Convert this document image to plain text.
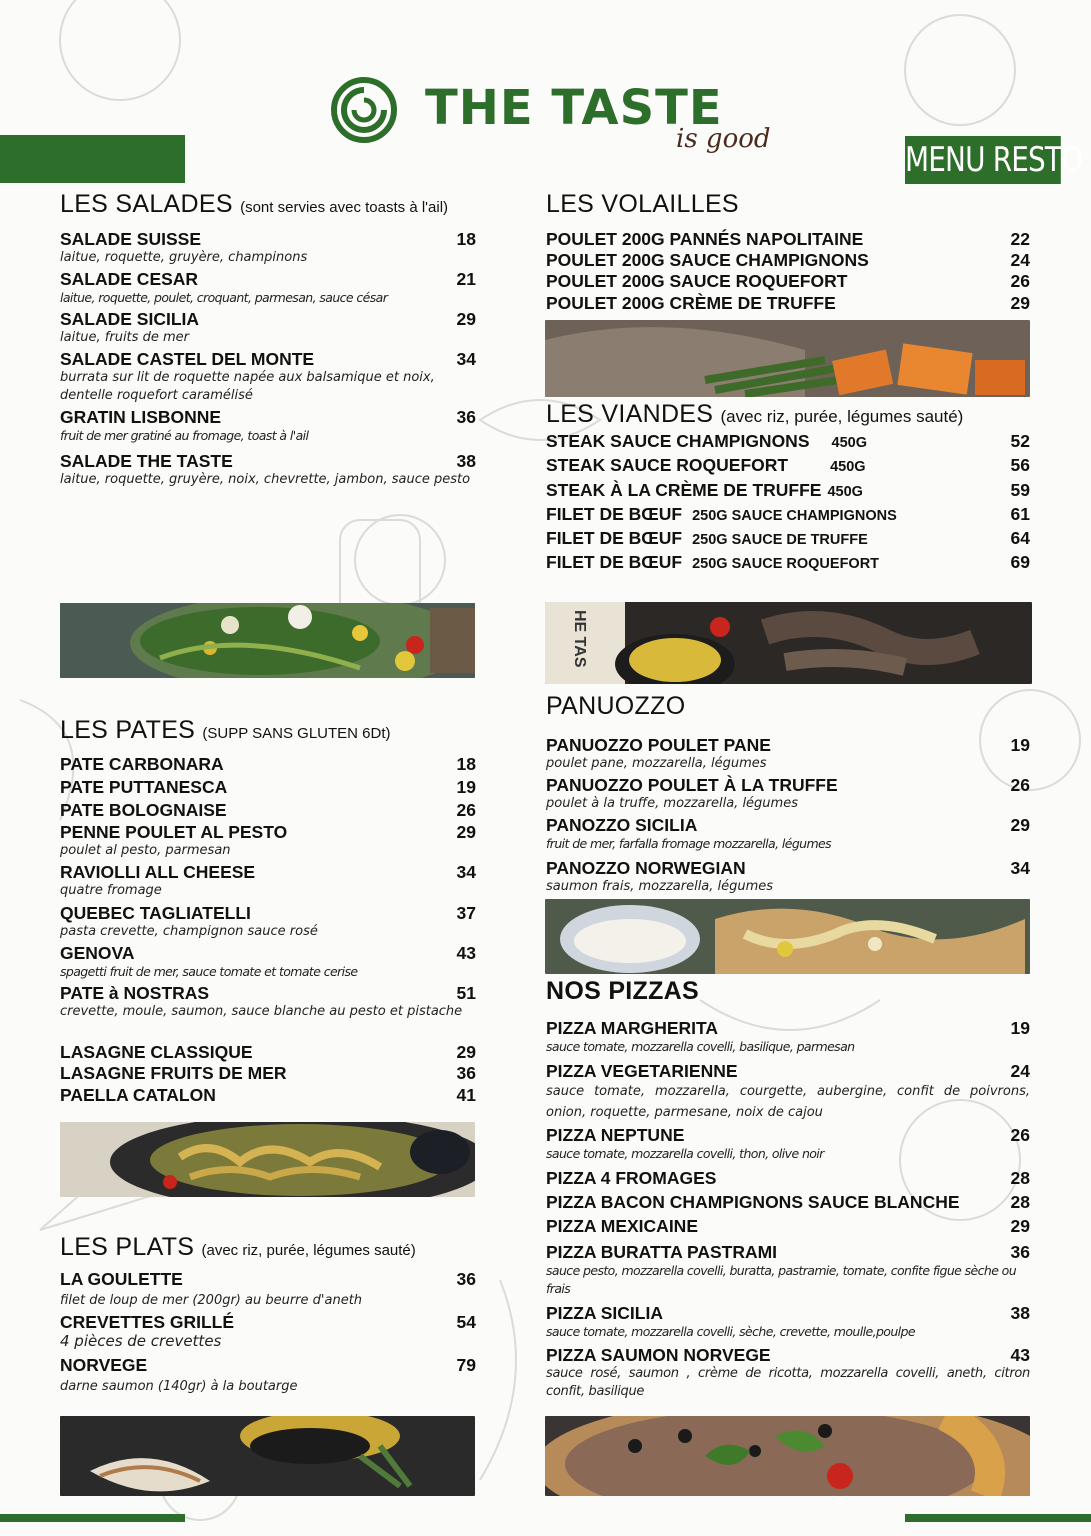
THE TASTE
is good
MENU RESTO
LES SALADES (sont servies avec toasts à l'ail)
SALADE SUISSE	18
laitue, roquette, gruyère, champinons
SALADE CESAR	21
laitue, roquette, poulet, croquant, parmesan, sauce césar
SALADE SICILIA	29
laitue, fruits de mer
SALADE CASTEL DEL MONTE	34
burrata sur lit de roquette napée aux balsamique et noix, dentelle roquefort caramélisé
GRATIN LISBONNE	36
fruit de mer gratiné au fromage, toast à l'ail
SALADE THE TASTE	38
laitue, roquette, gruyère, noix, chevrette, jambon, sauce pesto
LES PATES (SUPP SANS GLUTEN 6Dt)
PATE CARBONARA	18
PATE PUTTANESCA	19
PATE BOLOGNAISE	26
PENNE POULET AL PESTO	29
poulet al pesto, parmesan
RAVIOLLI ALL CHEESE	34
quatre fromage
QUEBEC TAGLIATELLI	37
pasta crevette, champignon sauce rosé
GENOVA	43
spagetti fruit de mer, sauce tomate et tomate cerise
PATE à NOSTRAS	51
crevette, moule, saumon, sauce blanche au pesto et pistache
LASAGNE CLASSIQUE	29
LASAGNE FRUITS DE MER	36
PAELLA CATALON	41
LES PLATS (avec riz, purée, légumes sauté)
LA GOULETTE	36
filet de loup de mer (200gr) au beurre d'aneth
CREVETTES GRILLÉ	54
4 pièces de crevettes
NORVEGE	79
darne saumon (140gr) à la boutarge
LES VOLAILLES
POULET 200G PANNÉS NAPOLITAINE	22
POULET 200G SAUCE CHAMPIGNONS	24
POULET 200G SAUCE ROQUEFORT	26
POULET 200G CRÈME DE TRUFFE	29
LES VIANDES (avec riz, purée, légumes sauté)
STEAK SAUCE CHAMPIGNONS 450G	52
STEAK SAUCE ROQUEFORT	450G	56
STEAK À LA CRÈME DE TRUFFE 450G	59
FILET DE BŒUF 250G SAUCE CHAMPIGNONS	61
FILET DE BŒUF 250G SAUCE DE TRUFFE	64
FILET DE BŒUF 250G SAUCE ROQUEFORT	69
HE TAS
PANUOZZO
PANUOZZO POULET PANE	19
poulet pane, mozzarella, légumes
PANUOZZO POULET À LA TRUFFE	26
poulet à la truffe, mozzarella, légumes
PANOZZO SICILIA	29
fruit de mer, farfalla fromage mozzarella, légumes
PANOZZO NORWEGIAN	34
saumon frais, mozzarella, légumes
NOS PIZZAS
PIZZA MARGHERITA	19
sauce tomate, mozzarella covelli, basilique, parmesan
PIZZA VEGETARIENNE	24
sauce tomate, mozzarella, courgette, aubergine, confit de poivrons, onion, roquette, parmesane, noix de cajou
PIZZA NEPTUNE	26
sauce tomate, mozzarella covelli, thon, olive noir
PIZZA 4 FROMAGES	28
PIZZA BACON CHAMPIGNONS SAUCE BLANCHE	28
PIZZA MEXICAINE	29
PIZZA BURATTA PASTRAMI	36
sauce pesto, mozzarella covelli, buratta, pastramie, tomate, confite figue sèche ou frais
PIZZA SICILIA	38
sauce tomate, mozzarella covelli, sèche, crevette, moulle,poulpe
PIZZA SAUMON NORVEGE	43
sauce rosé, saumon , crème de ricotta, mozzarella covelli, aneth, citron confit, basilique
